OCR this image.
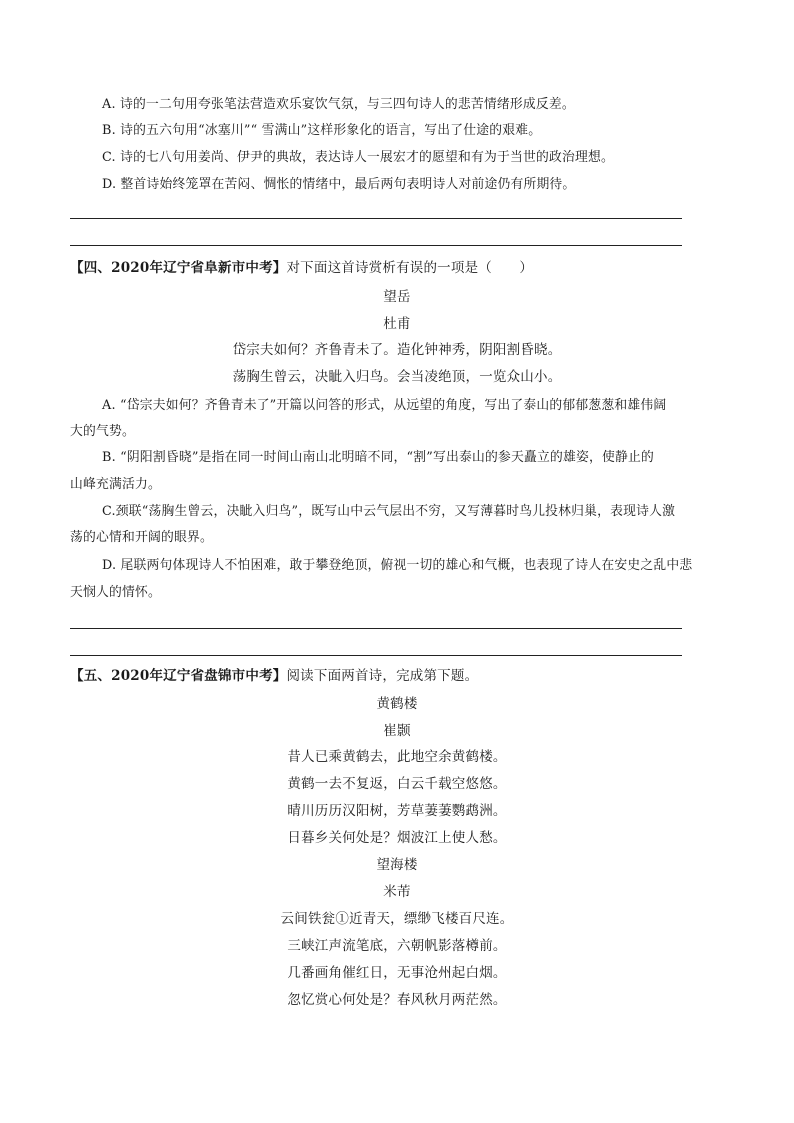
A. 诗的一二句用夸张笔法营造欢乐宴饮气氛，与三四句诗人的悲苦情绪形成反差。
B. 诗的五六句用“冰塞川”“ 雪满山”这样形象化的语言，写出了仕途的艰难。
C. 诗的七八句用姜尚、伊尹的典故，表达诗人一展宏才的愿望和有为于当世的政治理想。
D. 整首诗始终笼罩在苦闷、惆怅的情绪中，最后两句表明诗人对前途仍有所期待。
【四、2020年辽宁省阜新市中考】对下面这首诗赏析有误的一项是（　　）
望岳
杜甫
岱宗夫如何？齐鲁青未了。造化钟神秀，阴阳割昏晓。
荡胸生曾云，决眦入归鸟。会当凌绝顶，一览众山小。
A. “岱宗夫如何？齐鲁青未了”开篇以问答的形式，从远望的角度，写出了泰山的郁郁葱葱和雄伟阔
大的气势。
B. “阴阳割昏晓”是指在同一时间山南山北明暗不同，“割”写出泰山的参天矗立的雄姿，使静止的
山峰充满活力。
C.颈联“荡胸生曾云，决眦入归鸟”，既写山中云气层出不穷，又写薄暮时鸟儿投林归巢，表现诗人激
荡的心情和开阔的眼界。
D. 尾联两句体现诗人不怕困难，敢于攀登绝顶，俯视一切的雄心和气概，也表现了诗人在安史之乱中悲
天悯人的情怀。
【五、2020年辽宁省盘锦市中考】阅读下面两首诗，完成第下题。
黄鹤楼
崔颢
昔人已乘黄鹤去，此地空余黄鹤楼。
黄鹤一去不复返，白云千载空悠悠。
晴川历历汉阳树，芳草萋萋鹦鹉洲。
日暮乡关何处是？烟波江上使人愁。
望海楼
米芾
云间铁瓮①近青天，缥缈飞楼百尺连。
三峡江声流笔底，六朝帆影落樽前。
几番画角催红日，无事沧州起白烟。
忽忆赏心何处是？春风秋月两茫然。
